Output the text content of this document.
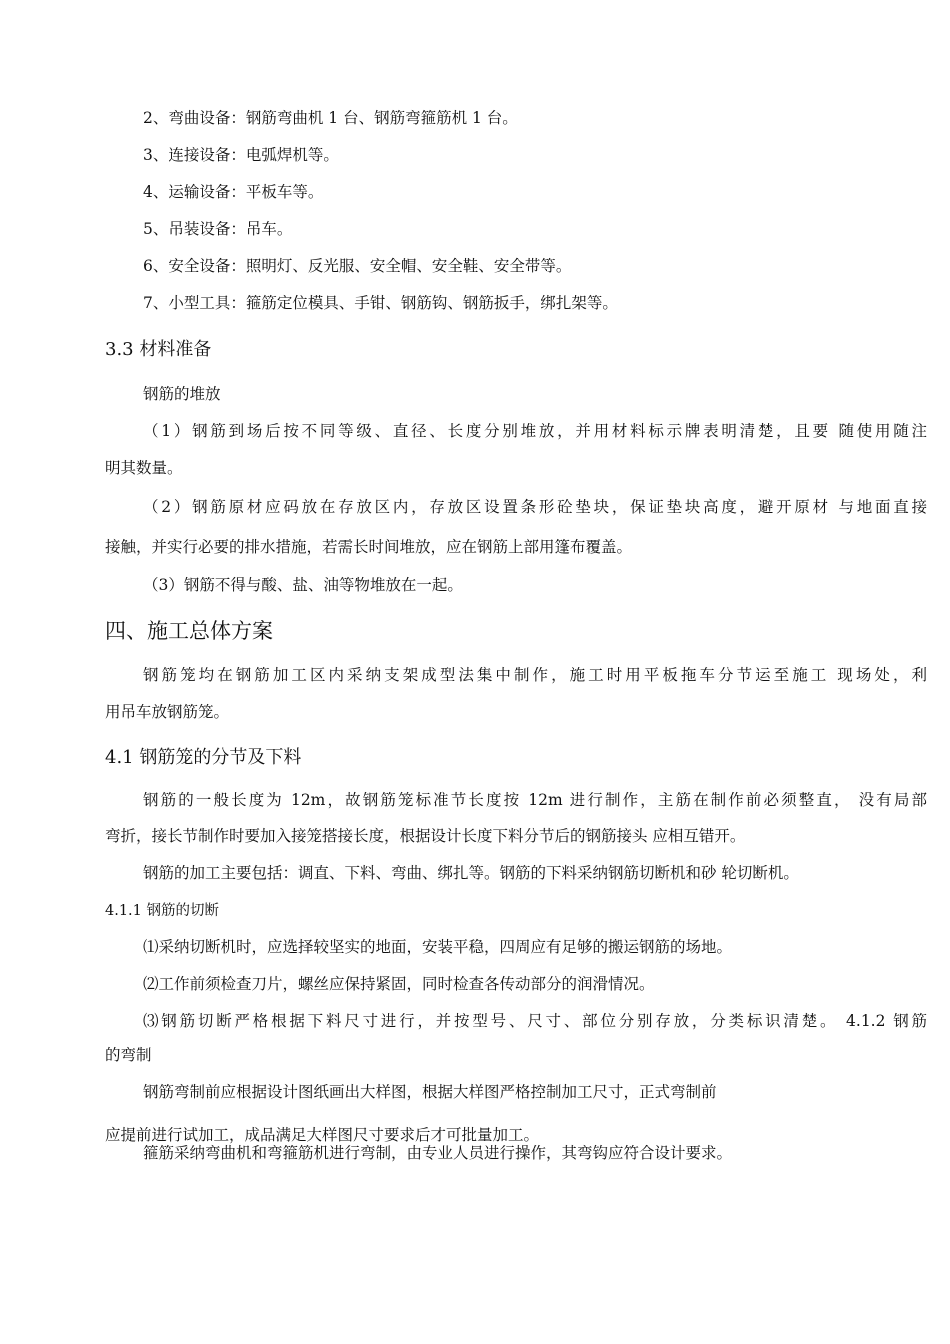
2、弯曲设备：钢筋弯曲机 1 台、钢筋弯箍筋机 1 台。
3、连接设备：电弧焊机等。
4、运输设备：平板车等。
5、吊装设备：吊车。
6、安全设备：照明灯、反光服、安全帽、安全鞋、安全带等。
7、小型工具：箍筋定位模具、手钳、钢筋钩、钢筋扳手，绑扎架等。
3.3 材料准备
钢筋的堆放
（1）钢筋到场后按不同等级、直径、长度分别堆放，并用材料标示牌表明清楚，且要 随使用随注
明其数量。
（2）钢筋原材应码放在存放区内，存放区设置条形砼垫块，保证垫块高度，避开原材 与地面直接
接触，并实行必要的排水措施，若需长时间堆放，应在钢筋上部用篷布覆盖。
（3）钢筋不得与酸、盐、油等物堆放在一起。
四、施工总体方案
钢筋笼均在钢筋加工区内采纳支架成型法集中制作，施工时用平板拖车分节运至施工 现场处，利
用吊车放钢筋笼。
4.1 钢筋笼的分节及下料
钢筋的一般长度为 12m，故钢筋笼标准节长度按 12m 进行制作，主筋在制作前必须整直， 没有局部
弯折，接长节制作时要加入接笼搭接长度，根据设计长度下料分节后的钢筋接头 应相互错开。
钢筋的加工主要包括：调直、下料、弯曲、绑扎等。钢筋的下料采纳钢筋切断机和砂 轮切断机。
4.1.1 钢筋的切断
⑴采纳切断机时，应选择较坚实的地面，安装平稳，四周应有足够的搬运钢筋的场地。
⑵工作前须检查刀片，螺丝应保持紧固，同时检查各传动部分的润滑情况。
⑶钢筋切断严格根据下料尺寸进行，并按型号、尺寸、部位分别存放，分类标识清楚。 4.1.2 钢筋
的弯制
钢筋弯制前应根据设计图纸画出大样图，根据大样图严格控制加工尺寸，正式弯制前
应提前进行试加工，成品满足大样图尺寸要求后才可批量加工。
箍筋采纳弯曲机和弯箍筋机进行弯制，由专业人员进行操作，其弯钩应符合设计要求。
